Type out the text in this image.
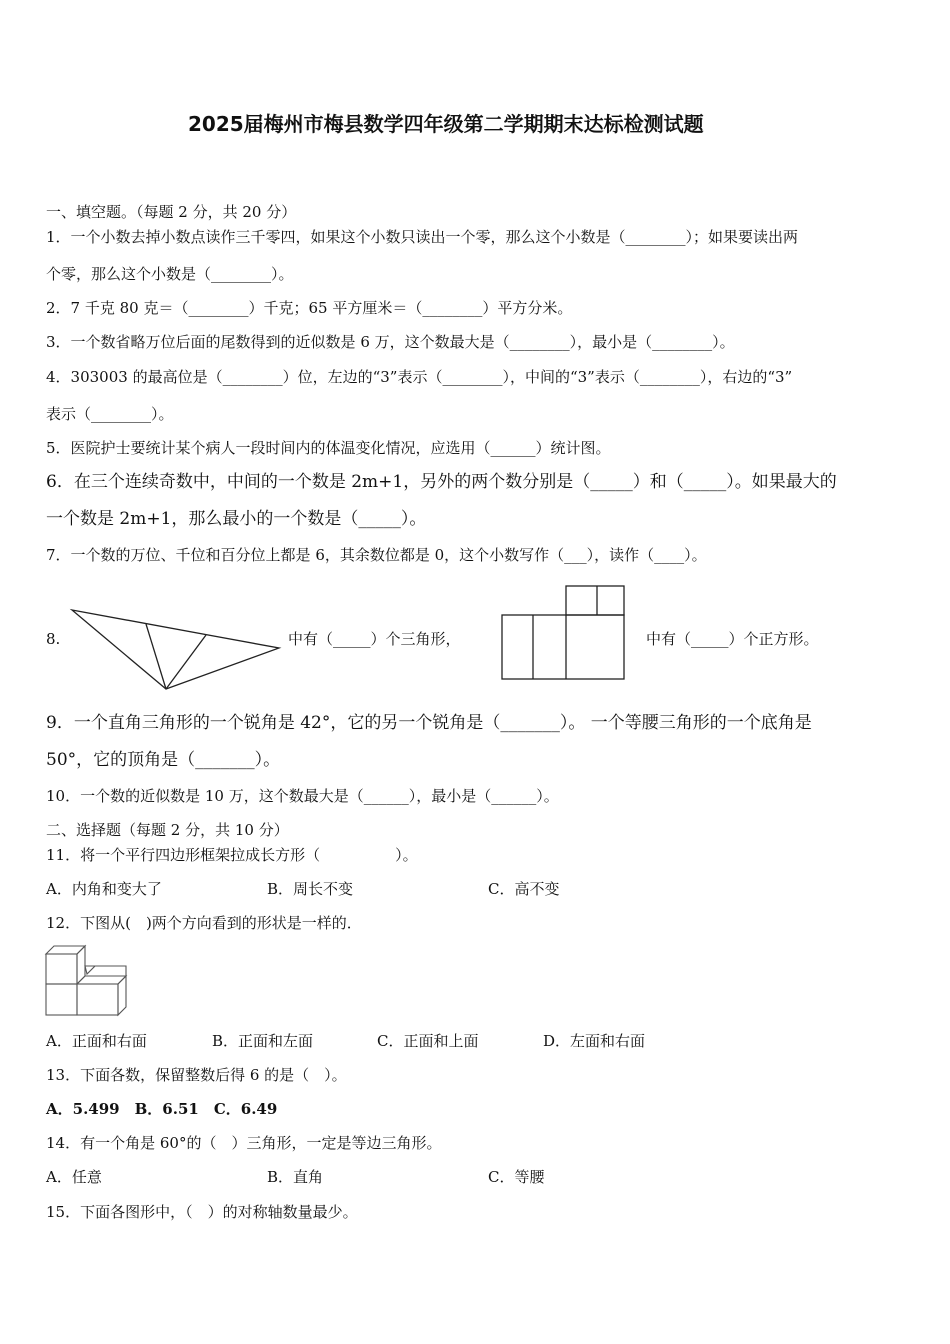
2025届梅州市梅县数学四年级第二学期期末达标检测试题
一、填空题。（每题 2 分，共 20 分）
1．一个小数去掉小数点读作三千零四，如果这个小数只读出一个零，那么这个小数是（________）；如果要读出两
个零，那么这个小数是（________）。
2．7 千克 80 克＝（________）千克；65 平方厘米＝（________）平方分米。
3．一个数省略万位后面的尾数得到的近似数是 6 万，这个数最大是（________），最小是（________）。
4．303003 的最高位是（________）位，左边的“3”表示（________），中间的“3”表示（________），右边的“3”
表示（________）。
5．医院护士要统计某个病人一段时间内的体温变化情况，应选用（______）统计图。
6．在三个连续奇数中，中间的一个数是 2m+1，另外的两个数分别是（_____）和（_____）。如果最大的
一个数是 2m+1，那么最小的一个数是（_____）。
7．一个数的万位、千位和百分位上都是 6，其余数位都是 0，这个小数写作（___），读作（____）。
8.	中有（_____）个三角形，	中有（_____）个正方形。
9．一个直角三角形的一个锐角是 42°，它的另一个锐角是（_______）。 一个等腰三角形的一个底角是
50°，它的顶角是（_______）。
10．一个数的近似数是 10 万，这个数最大是（______），最小是（______）。
二、选择题（每题 2 分，共 10 分）
11．将一个平行四边形框架拉成长方形（　　　　　）。
A．内角和变大了	B．周长不变	C．高不变
12．下图从(　)两个方向看到的形状是一样的．
A．正面和右面	B．正面和左面	C．正面和上面	D．左面和右面
13．下面各数，保留整数后得 6 的是（　）。
A．5.499　B．6.51　C．6.49
14．有一个角是 60°的（　）三角形，一定是等边三角形。
A．任意	B．直角	C．等腰
15．下面各图形中，（　）的对称轴数量最少。
